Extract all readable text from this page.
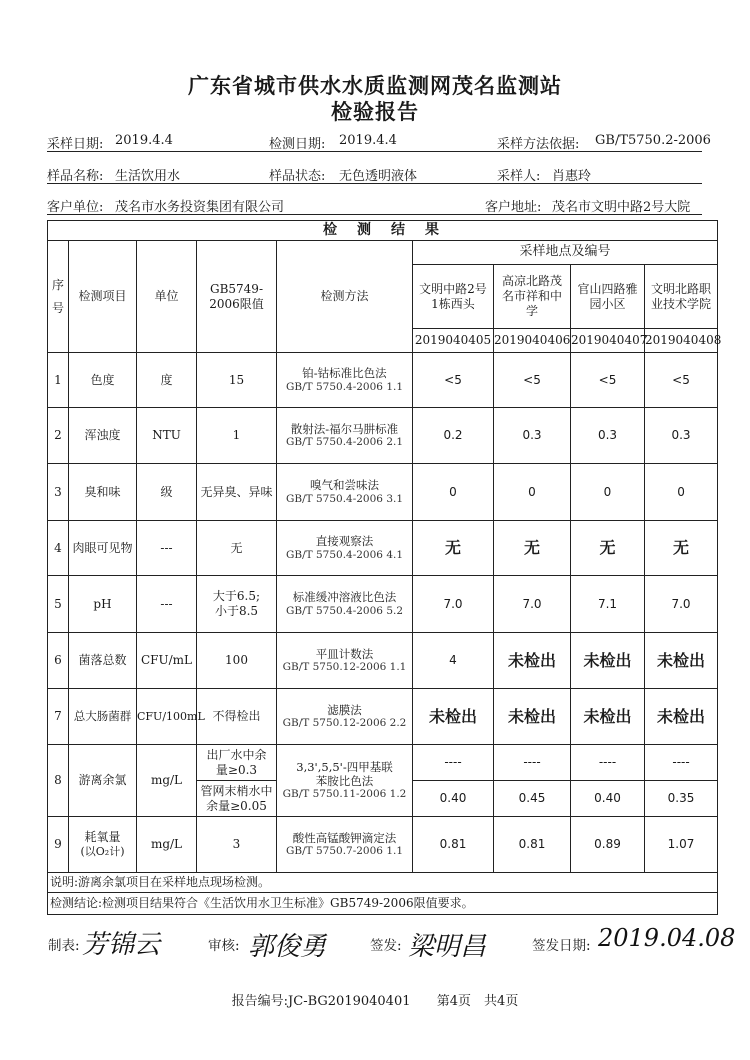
广东省城市供水水质监测网茂名监测站
检验报告
采样日期: 2019.4.4	检测日期: 2019.4.4	采样方法依据: GB/T5750.2-2006
样品名称: 生活饮用水	样品状态: 无色透明液体	采样人: 肖惠玲
客户单位: 茂名市水务投资集团有限公司	客户地址: 茂名市文明中路2号大院
检　测　结　果								
序号	检测项目	单位	GB5749-2006限值	检测方法	采样地点及编号			
					文明中路2号1栋西头	高凉北路茂名市祥和中学	官山四路雅园小区	文明北路职业技术学院
					2019040405	2019040406	2019040407	2019040408
1	色度	度	15	铂-钴标准比色法
GB/T 5750.4-2006 1.1	<5	<5	<5	<5
2	浑浊度	NTU	1	散射法-福尔马肼标准
GB/T 5750.4-2006 2.1	0.2	0.3	0.3	0.3
3	臭和味	级	无异臭、异味	嗅气和尝味法
GB/T 5750.4-2006 3.1	0	0	0	0
4	肉眼可见物	---	无	直接观察法
GB/T 5750.4-2006 4.1	无	无	无	无
5	pH	---	大于6.5;
小于8.5	标准缓冲溶液比色法
GB/T 5750.4-2006 5.2	7.0	7.0	7.1	7.0
6	菌落总数	CFU/mL	100	平皿计数法
GB/T 5750.12-2006 1.1	4	未检出	未检出	未检出
7	总大肠菌群	CFU/100mL	不得检出	滤膜法
GB/T 5750.12-2006 2.2	未检出	未检出	未检出	未检出
8	游离余氯	mg/L	出厂水中余量≥0.3	3,3',5,5'-四甲基联苯胺比色法
GB/T 5750.11-2006 1.2	----	----	----	----
			管网末梢水中余量≥0.05		0.40	0.45	0.40	0.35
9	耗氧量
(以O₂计)	mg/L	3	酸性高锰酸钾滴定法
GB/T 5750.7-2006 1.1	0.81	0.81	0.89	1.07
说明:游离余氯项目在采样地点现场检测。								
检测结论:检测项目结果符合《生活饮用水卫生标准》GB5749-2006限值要求。								
制表: 芳锦云	审核: 郭俊勇	签发: 梁明昌	签发日期: 2019.04.08
报告编号:JC-BG2019040401 第4页　共4页
